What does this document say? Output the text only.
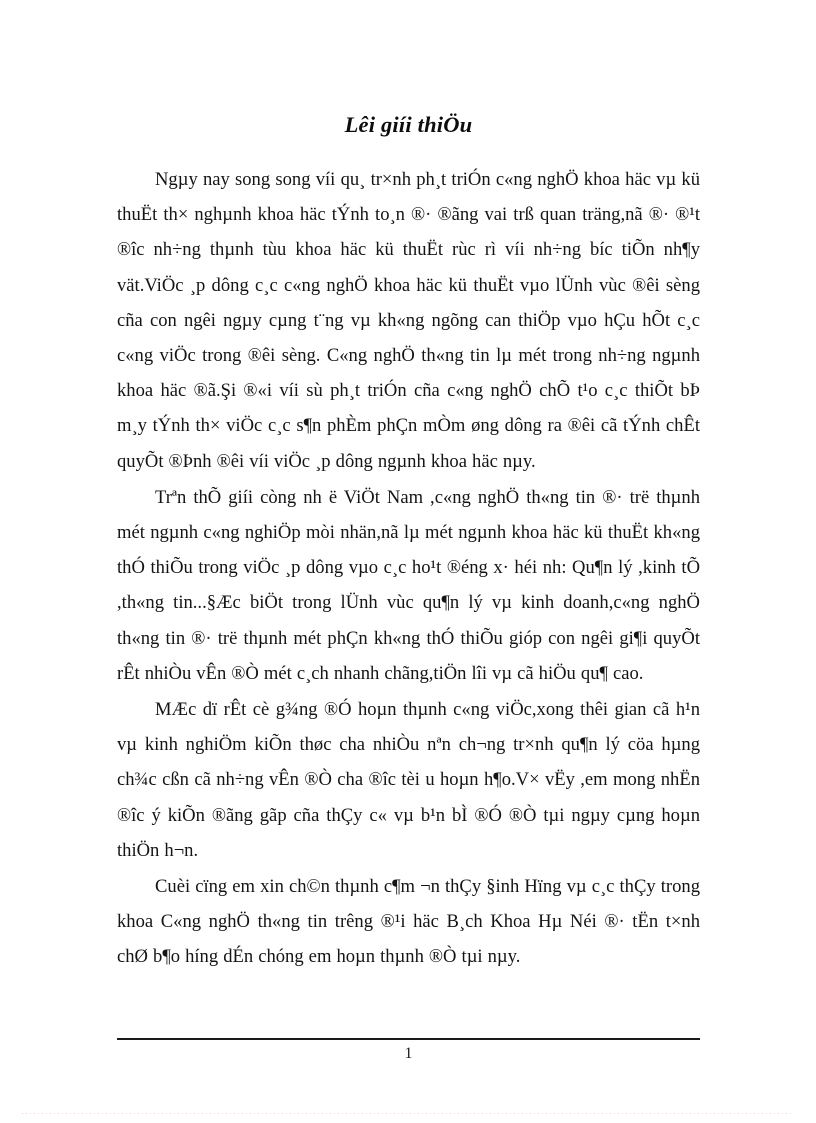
Lêi giíi thiÖu

Ngµy nay song song víi qu¸ tr×nh ph¸t triÓn c«ng nghÖ khoa häc vµ kü thuËt th× nghµnh khoa häc tÝnh to¸n ®· ®ãng vai trß quan träng,nã ®· ®¹t ®îc nh÷ng thµnh tùu khoa häc kü thuËt rùc rì víi nh÷ng bíc tiÕn nh¶y vät.ViÖc ¸p dông c¸c c«ng nghÖ khoa häc kü thuËt vµo lÜnh vùc ®êi sèng cña con ngêi ngµy cµng t¨ng vµ kh«ng ngõng can thiÖp vµo hÇu hÕt c¸c c«ng viÖc trong ®êi sèng. C«ng nghÖ th«ng tin lµ mét trong nh÷ng ngµnh khoa häc ®ã.Şi ®«i víi sù ph¸t triÓn cña c«ng nghÖ chÕ t¹o c¸c thiÕt bÞ m¸y tÝnh th× viÖc c¸c s¶n phÈm phÇn mÒm øng dông ra ®êi cã tÝnh chÊt quyÕt ®Þnh ®êi víi viÖc ¸p dông ngµnh khoa häc nµy.

Trªn thÕ giíi còng nh ë ViÖt Nam ,c«ng nghÖ th«ng tin ®· trë thµnh mét ngµnh c«ng nghiÖp mòi nhän,nã lµ mét ngµnh khoa häc kü thuËt kh«ng thÓ thiÕu trong viÖc ¸p dông vµo c¸c ho¹t ®éng x· héi nh: Qu¶n lý ,kinh tÕ ,th«ng tin...§Æc biÖt trong lÜnh vùc qu¶n lý vµ kinh doanh,c«ng nghÖ th«ng tin ®· trë thµnh mét phÇn kh«ng thÓ thiÕu gióp con ngêi gi¶i quyÕt rÊt nhiÒu vÊn ®Ò mét c¸ch nhanh chãng,tiÖn lîi vµ cã hiÖu qu¶ cao.

MÆc dï rÊt cè g¾ng ®Ó hoµn thµnh c«ng viÖc,xong thêi gian cã h¹n vµ kinh nghiÖm kiÕn thøc cha nhiÒu nªn ch¬ng tr×nh qu¶n lý cöa hµng ch¾c cßn cã nh÷ng vÊn ®Ò cha ®îc tèi u hoµn h¶o.V× vËy ,em mong nhËn ®îc ý kiÕn ®ãng gãp cña thÇy c« vµ b¹n bÌ ®Ó ®Ò tµi ngµy cµng hoµn thiÖn h¬n.

Cuèi cïng em xin ch©n thµnh c¶m ¬n thÇy §inh Hïng vµ c¸c thÇy trong khoa C«ng nghÖ th«ng tin trêng ®¹i häc B¸ch Khoa Hµ Néi ®· tËn t×nh chØ b¶o híng dÉn chóng em hoµn thµnh ®Ò tµi nµy.

1
